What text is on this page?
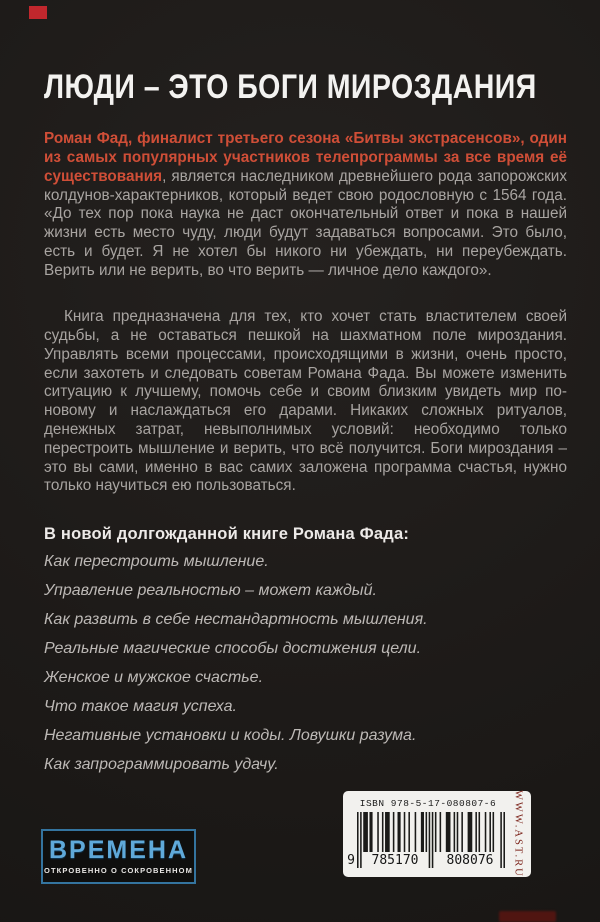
ЛЮДИ – ЭТО БОГИ МИРОЗДАНИЯ

Роман Фад, финалист третьего сезона «Битвы экстрасенсов», один из самых популярных участников телепрограммы за все время её существования, является наследником древнейшего рода запорожских колдунов-характерников, который ведет свою родословную с 1564 года. «До тех пор пока наука не даст окончательный ответ и пока в нашей жизни есть место чуду, люди будут задаваться вопросами. Это было, есть и будет. Я не хотел бы никого ни убеждать, ни переубеждать. Верить или не верить, во что верить — личное дело каждого».

Книга предназначена для тех, кто хочет стать властителем своей судьбы, а не оставаться пешкой на шахматном поле мироздания. Управлять всеми процессами, происходящими в жизни, очень просто, если захотеть и следовать советам Романа Фада. Вы можете изменить ситуацию к лучшему, помочь себе и своим близким увидеть мир по-новому и наслаждаться его дарами. Никаких сложных ритуалов, денежных затрат, невыполнимых условий: необходимо только перестроить мышление и верить, что всё получится. Боги мироздания – это вы сами, именно в вас самих заложена программа счастья, нужно только научиться ею пользоваться.

В новой долгожданной книге Романа Фада:
Как перестроить мышление.
Управление реальностью – может каждый.
Как развить в себе нестандартность мышления.
Реальные магические способы достижения цели.
Женское и мужское счастье.
Что такое магия успеха.
Негативные установки и коды. Ловушки разума.
Как запрограммировать удачу.
ВРЕМЕНА
ОТКРОВЕННО О СОКРОВЕННОМ
ISBN 978-5-17-080807-6
9	785170	808076	WWW.AST.RU
